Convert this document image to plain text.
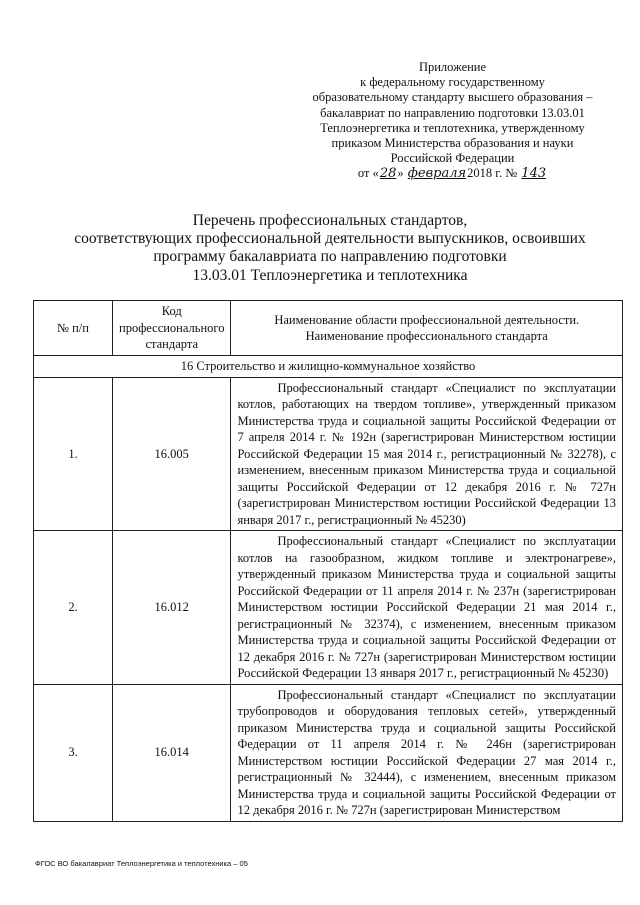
Приложение
к федеральному государственному
образовательному стандарту высшего образования –
бакалавриат по направлению подготовки 13.03.01
Теплоэнергетика и теплотехника, утвержденному
приказом Министерства образования и науки
Российской Федерации
от «28» февраля2018 г. № 143
Перечень профессиональных стандартов,
соответствующих профессиональной деятельности выпускников, освоивших
программу бакалавриата по направлению подготовки
13.03.01 Теплоэнергетика и теплотехника
№ п/п	Код профессионального стандарта	Наименование области профессиональной деятельности. Наименование профессионального стандарта
16 Строительство и жилищно-коммунальное хозяйство		
1.	16.005	Профессиональный стандарт «Специалист по эксплуатации котлов, работающих на твердом топливе», утвержденный приказом Министерства труда и социальной защиты Российской Федерации от 7 апреля 2014 г. № 192н (зарегистрирован Министерством юстиции Российской Федерации 15 мая 2014 г., регистрационный № 32278), с изменением, внесенным приказом Министерства труда и социальной защиты Российской Федерации от 12 декабря 2016 г. № 727н (зарегистрирован Министерством юстиции Российской Федерации 13 января 2017 г., регистрационный № 45230)
2.	16.012	Профессиональный стандарт «Специалист по эксплуатации котлов на газообразном, жидком топливе и электронагреве», утвержденный приказом Министерства труда и социальной защиты Российской Федерации от 11 апреля 2014 г. № 237н (зарегистрирован Министерством юстиции Российской Федерации 21 мая 2014 г., регистрационный № 32374), с изменением, внесенным приказом Министерства труда и социальной защиты Российской Федерации от 12 декабря 2016 г. № 727н (зарегистрирован Министерством юстиции Российской Федерации 13 января 2017 г., регистрационный № 45230)
3.	16.014	Профессиональный стандарт «Специалист по эксплуатации трубопроводов и оборудования тепловых сетей», утвержденный приказом Министерства труда и социальной защиты Российской Федерации от 11 апреля 2014 г. № 246н (зарегистрирован Министерством юстиции Российской Федерации 27 мая 2014 г., регистрационный № 32444), с изменением, внесенным приказом Министерства труда и социальной защиты Российской Федерации от 12 декабря 2016 г. № 727н (зарегистрирован Министерством
ФГОС ВО бакалавриат Теплоэнергетика и теплотехника – 05
